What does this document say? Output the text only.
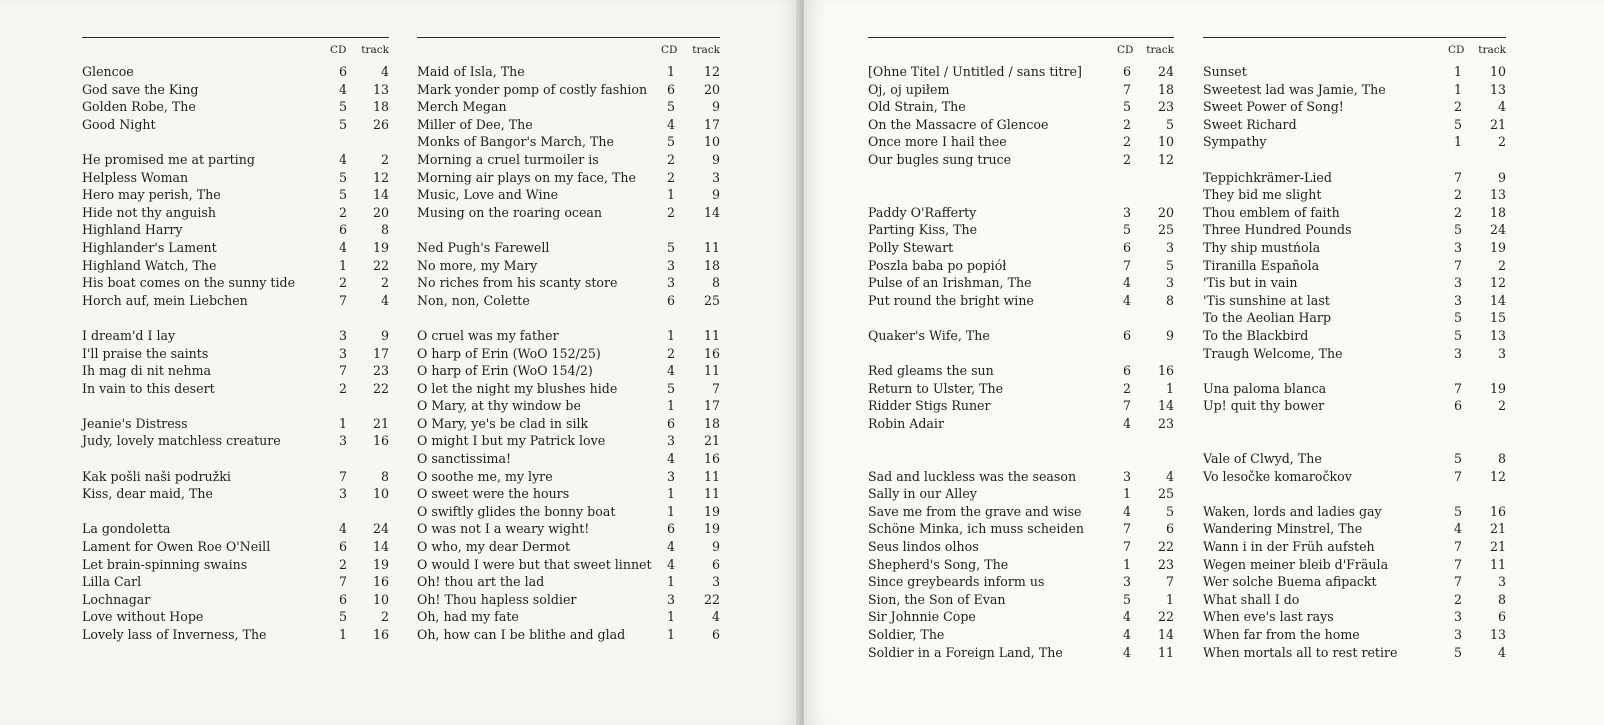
CD track
Glencoe	6	4
God save the King	4	13
Golden Robe, The	5	18
Good Night	5	26
He promised me at parting	4	2
Helpless Woman	5	12
Hero may perish, The	5	14
Hide not thy anguish	2	20
Highland Harry	6	8
Highlander's Lament	4	19
Highland Watch, The	1	22
His boat comes on the sunny tide	2	2
Horch auf, mein Liebchen	7	4
I dream'd I lay	3	9
I'll praise the saints	3	17
Ih mag di nit nehma	7	23
In vain to this desert	2	22
Jeanie's Distress	1	21
Judy, lovely matchless creature	3	16
Kak pošli naši podružki	7	8
Kiss, dear maid, The	3	10
La gondoletta	4	24
Lament for Owen Roe O'Neill	6	14
Let brain-spinning swains	2	19
Lilla Carl	7	16
Lochnagar	6	10
Love without Hope	5	2
Lovely lass of Inverness, The	1	16
CD track
Maid of Isla, The	1	12
Mark yonder pomp of costly fashion	6	20
Merch Megan	5	9
Miller of Dee, The	4	17
Monks of Bangor's March, The	5	10
Morning a cruel turmoiler is	2	9
Morning air plays on my face, The	2	3
Music, Love and Wine	1	9
Musing on the roaring ocean	2	14
Ned Pugh's Farewell	5	11
No more, my Mary	3	18
No riches from his scanty store	3	8
Non, non, Colette	6	25
O cruel was my father	1	11
O harp of Erin (WoO 152/25)	2	16
O harp of Erin (WoO 154/2)	4	11
O let the night my blushes hide	5	7
O Mary, at thy window be	1	17
O Mary, ye's be clad in silk	6	18
O might I but my Patrick love	3	21
O sanctissima!	4	16
O soothe me, my lyre	3	11
O sweet were the hours	1	11
O swiftly glides the bonny boat	1	19
O was not I a weary wight!	6	19
O who, my dear Dermot	4	9
O would I were but that sweet linnet	4	6
Oh! thou art the lad	1	3
Oh! Thou hapless soldier	3	22
Oh, had my fate	1	4
Oh, how can I be blithe and glad	1	6
CD track
[Ohne Titel / Untitled / sans titre]	6	24
Oj, oj upiłem	7	18
Old Strain, The	5	23
On the Massacre of Glencoe	2	5
Once more I hail thee	2	10
Our bugles sung truce	2	12
Paddy O'Rafferty	3	20
Parting Kiss, The	5	25
Polly Stewart	6	3
Poszla baba po popiół	7	5
Pulse of an Irishman, The	4	3
Put round the bright wine	4	8
Quaker's Wife, The	6	9
Red gleams the sun	6	16
Return to Ulster, The	2	1
Ridder Stigs Runer	7	14
Robin Adair	4	23
Sad and luckless was the season	3	4
Sally in our Alley	1	25
Save me from the grave and wise	4	5
Schöne Minka, ich muss scheiden	7	6
Seus lindos olhos	7	22
Shepherd's Song, The	1	23
Since greybeards inform us	3	7
Sion, the Son of Evan	5	1
Sir Johnnie Cope	4	22
Soldier, The	4	14
Soldier in a Foreign Land, The	4	11
CD track
Sunset	1	10
Sweetest lad was Jamie, The	1	13
Sweet Power of Song!	2	4
Sweet Richard	5	21
Sympathy	1	2
Teppichkrämer-Lied	7	9
They bid me slight	2	13
Thou emblem of faith	2	18
Three Hundred Pounds	5	24
Thy ship mustńola	3	19
Tiranilla Española	7	2
'Tis but in vain	3	12
'Tis sunshine at last	3	14
To the Aeolian Harp	5	15
To the Blackbird	5	13
Traugh Welcome, The	3	3
Una paloma blanca	7	19
Up! quit thy bower	6	2
Vale of Clwyd, The	5	8
Vo lesočke komaročkov	7	12
Waken, lords and ladies gay	5	16
Wandering Minstrel, The	4	21
Wann i in der Früh aufsteh	7	21
Wegen meiner bleib d'Fräula	7	11
Wer solche Buema afipackt	7	3
What shall I do	2	8
When eve's last rays	3	6
When far from the home	3	13
When mortals all to rest retire	5	4
